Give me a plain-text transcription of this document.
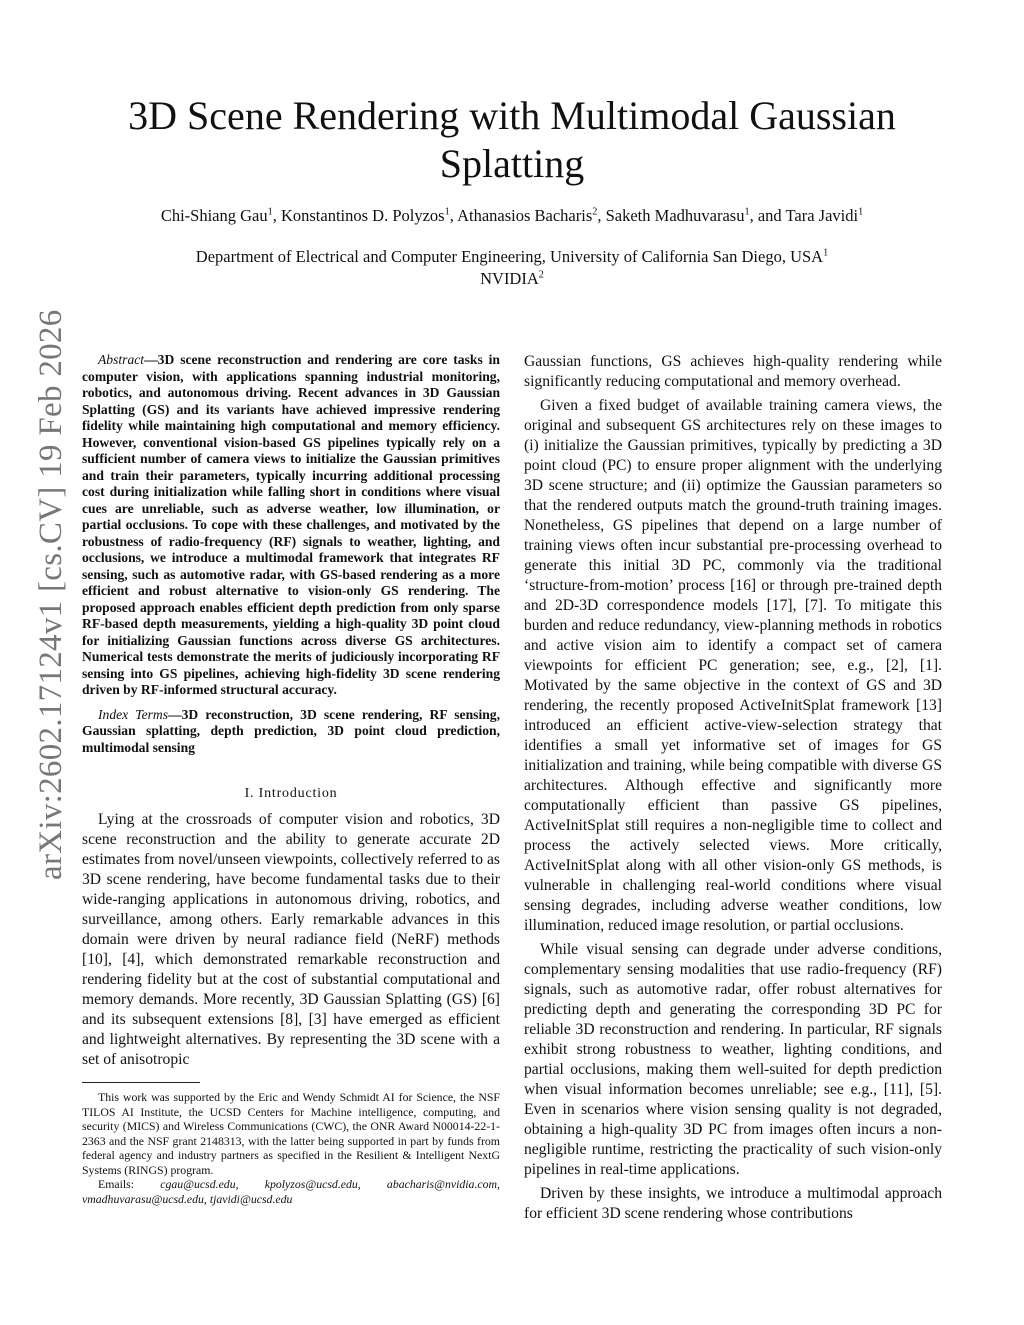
3D Scene Rendering with Multimodal Gaussian Splatting
Chi-Shiang Gau$^1$, Konstantinos D. Polyzos$^1$, Athanasios Bacharis$^2$, Saketh Madhuvarasu$^1$, and Tara Javidi$^1$
Department of Electrical and Computer Engineering, University of California San Diego, USA$^1$
NVIDIA$^2$
arXiv:2602.17124v1 [cs.CV] 19 Feb 2026	Abstract—3D scene reconstruction and rendering are core tasks in computer vision, with applications spanning industrial monitoring, robotics, and autonomous driving. Recent advances in 3D Gaussian Splatting (GS) and its variants have achieved impressive rendering fidelity while maintaining high computational and memory efficiency. However, conventional vision-based GS pipelines typically rely on a sufficient number of camera views to initialize the Gaussian primitives and train their parameters, typically incurring additional processing cost during initialization while falling short in conditions where visual cues are unreliable, such as adverse weather, low illumination, or partial occlusions. To cope with these challenges, and motivated by the robustness of radio-frequency (RF) signals to weather, lighting, and occlusions, we introduce a multimodal framework that integrates RF sensing, such as automotive radar, with GS-based rendering as a more efficient and robust alternative to vision-only GS rendering. The proposed approach enables efficient depth prediction from only sparse RF-based depth measurements, yielding a high-quality 3D point cloud for initializing Gaussian functions across diverse GS architectures. Numerical tests demonstrate the merits of judiciously incorporating RF sensing into GS pipelines, achieving high-fidelity 3D scene rendering driven by RF-informed structural accuracy.

Index Terms—3D reconstruction, 3D scene rendering, RF sensing, Gaussian splatting, depth prediction, 3D point cloud prediction, multimodal sensing

I. Introduction

Lying at the crossroads of computer vision and robotics, 3D scene reconstruction and the ability to generate accurate 2D estimates from novel/unseen viewpoints, collectively referred to as 3D scene rendering, have become fundamental tasks due to their wide-ranging applications in autonomous driving, robotics, and surveillance, among others. Early remarkable advances in this domain were driven by neural radiance field (NeRF) methods [10], [4], which demonstrated remarkable reconstruction and rendering fidelity but at the cost of substantial computational and memory demands. More recently, 3D Gaussian Splatting (GS) [6] and its subsequent extensions [8], [3] have emerged as efficient and lightweight alternatives. By representing the 3D scene with a set of anisotropic

This work was supported by the Eric and Wendy Schmidt AI for Science, the NSF TILOS AI Institute, the UCSD Centers for Machine intelligence, computing, and security (MICS) and Wireless Communications (CWC), the ONR Award N00014-22-1-2363 and the NSF grant 2148313, with the latter being supported in part by funds from federal agency and industry partners as specified in the Resilient & Intelligent NextG Systems (RINGS) program.

Emails: cgau@ucsd.edu, kpolyzos@ucsd.edu, abacharis@nvidia.com, vmadhuvarasu@ucsd.edu, tjavidi@ucsd.edu

Gaussian functions, GS achieves high-quality rendering while significantly reducing computational and memory overhead.

Given a fixed budget of available training camera views, the original and subsequent GS architectures rely on these images to (i) initialize the Gaussian primitives, typically by predicting a 3D point cloud (PC) to ensure proper alignment with the underlying 3D scene structure; and (ii) optimize the Gaussian parameters so that the rendered outputs match the ground-truth training images. Nonetheless, GS pipelines that depend on a large number of training views often incur substantial pre-processing overhead to generate this initial 3D PC, commonly via the traditional ‘structure-from-motion’ process [16] or through pre-trained depth and 2D-3D correspondence models [17], [7]. To mitigate this burden and reduce redundancy, view-planning methods in robotics and active vision aim to identify a compact set of camera viewpoints for efficient PC generation; see, e.g., [2], [1]. Motivated by the same objective in the context of GS and 3D rendering, the recently proposed ActiveInitSplat framework [13] introduced an efficient active-view-selection strategy that identifies a small yet informative set of images for GS initialization and training, while being compatible with diverse GS architectures. Although effective and significantly more computationally efficient than passive GS pipelines, ActiveInitSplat still requires a non-negligible time to collect and process the actively selected views. More critically, ActiveInitSplat along with all other vision-only GS methods, is vulnerable in challenging real-world conditions where visual sensing degrades, including adverse weather conditions, low illumination, reduced image resolution, or partial occlusions.

While visual sensing can degrade under adverse conditions, complementary sensing modalities that use radio-frequency (RF) signals, such as automotive radar, offer robust alternatives for predicting depth and generating the corresponding 3D PC for reliable 3D reconstruction and rendering. In particular, RF signals exhibit strong robustness to weather, lighting conditions, and partial occlusions, making them well-suited for depth prediction when visual information becomes unreliable; see e.g., [11], [5]. Even in scenarios where vision sensing quality is not degraded, obtaining a high-quality 3D PC from images often incurs a non-negligible runtime, restricting the practicality of such vision-only pipelines in real-time applications.

Driven by these insights, we introduce a multimodal approach for efficient 3D scene rendering whose contributions
